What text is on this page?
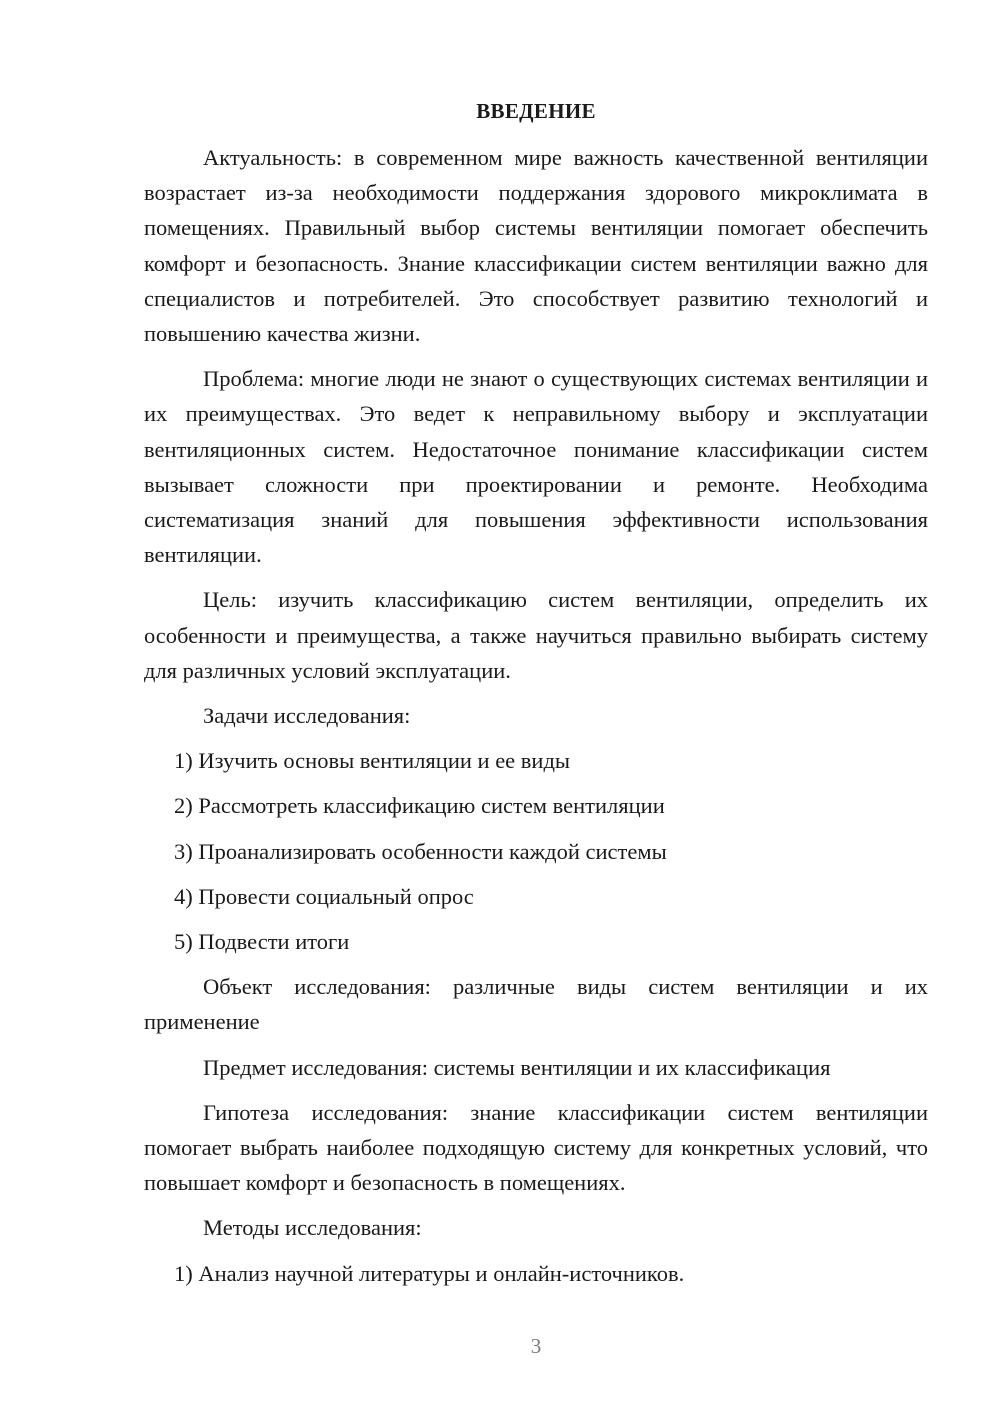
ВВЕДЕНИЕ

Актуальность: в современном мире важность качественной вентиляции возрастает из-за необходимости поддержания здорового микроклимата в помещениях. Правильный выбор системы вентиляции помогает обеспечить комфорт и безопасность. Знание классификации систем вентиляции важно для специалистов и потребителей. Это способствует развитию технологий и повышению качества жизни.

Проблема: многие люди не знают о существующих системах вентиляции и их преимуществах. Это ведет к неправильному выбору и эксплуатации вентиляционных систем. Недостаточное понимание классификации систем вызывает сложности при проектировании и ремонте. Необходима систематизация знаний для повышения эффективности использования вентиляции.

Цель: изучить классификацию систем вентиляции, определить их особенности и преимущества, а также научиться правильно выбирать систему для различных условий эксплуатации.

Задачи исследования:

1) Изучить основы вентиляции и ее виды

2) Рассмотреть классификацию систем вентиляции

3) Проанализировать особенности каждой системы

4) Провести социальный опрос

5) Подвести итоги

Объект исследования: различные виды систем вентиляции и их применение

Предмет исследования: системы вентиляции и их классификация

Гипотеза исследования: знание классификации систем вентиляции помогает выбрать наиболее подходящую систему для конкретных условий, что повышает комфорт и безопасность в помещениях.

Методы исследования:

1) Анализ научной литературы и онлайн-источников.

3
